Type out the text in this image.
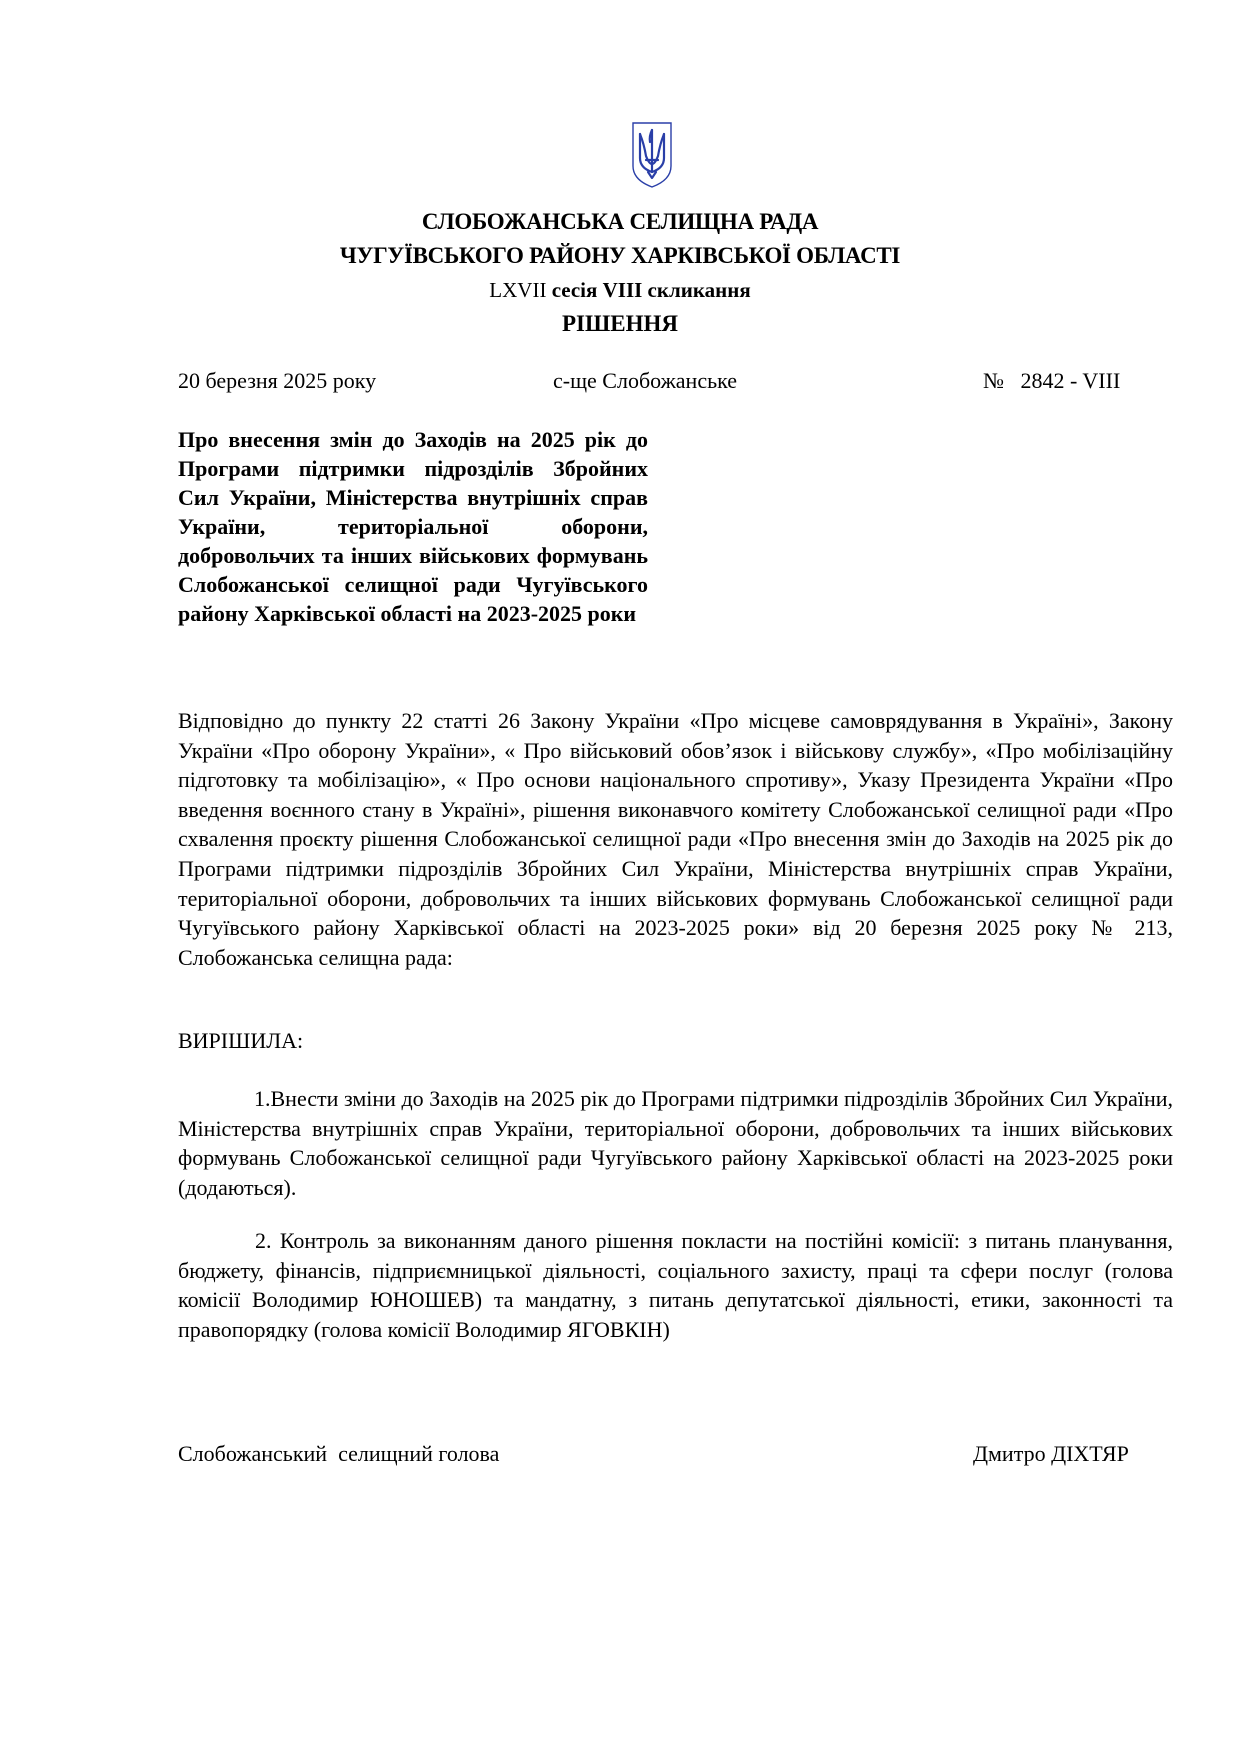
СЛОБОЖАНСЬКА СЕЛИЩНА РАДА
ЧУГУЇВСЬКОГО РАЙОНУ ХАРКІВСЬКОЇ ОБЛАСТІ
LXVII сесія VIII скликання
РІШЕННЯ
20 березня 2025 року	с-ще Слобожанське	№   2842 - VIII
Про внесення змін до Заходів на 2025 рік до Програми підтримки підрозділів Збройних Сил України, Міністерства внутрішніх справ України, територіальної оборони, добровольчих та інших військових формувань Слобожанської селищної ради Чугуївського району Харківської області на 2023-2025 роки
Відповідно до пункту 22 статті 26 Закону України «Про місцеве самоврядування в Україні», Закону України «Про оборону України», « Про військовий обов’язок і військову службу», «Про мобілізаційну підготовку та мобілізацію», « Про основи національного спротиву», Указу Президента України «Про введення воєнного стану в Україні», рішення виконавчого комітету Слобожанської селищної ради «Про схвалення проєкту рішення Слобожанської селищної ради «Про внесення змін до Заходів на 2025 рік до Програми підтримки підрозділів Збройних Сил України, Міністерства внутрішніх справ України, територіальної оборони, добровольчих та інших військових формувань Слобожанської селищної ради Чугуївського району Харківської області на 2023-2025 роки» від 20 березня 2025 року № 213, Слобожанська селищна рада:
ВИРІШИЛА:
1.Внести зміни до Заходів на 2025 рік до Програми підтримки підрозділів Збройних Сил України, Міністерства внутрішніх справ України, територіальної оборони, добровольчих та інших військових формувань Слобожанської селищної ради Чугуївського району Харківської області на 2023-2025 роки (додаються).
2. Контроль за виконанням даного рішення покласти на постійні комісії: з питань планування, бюджету, фінансів, підприємницької діяльності, соціального захисту, праці та сфери послуг (голова комісії Володимир ЮНОШЕВ) та мандатну, з питань депутатської діяльності, етики, законності та правопорядку (голова комісії Володимир ЯГОВКІН)
Слобожанський  селищний голова	Дмитро ДІХТЯР
